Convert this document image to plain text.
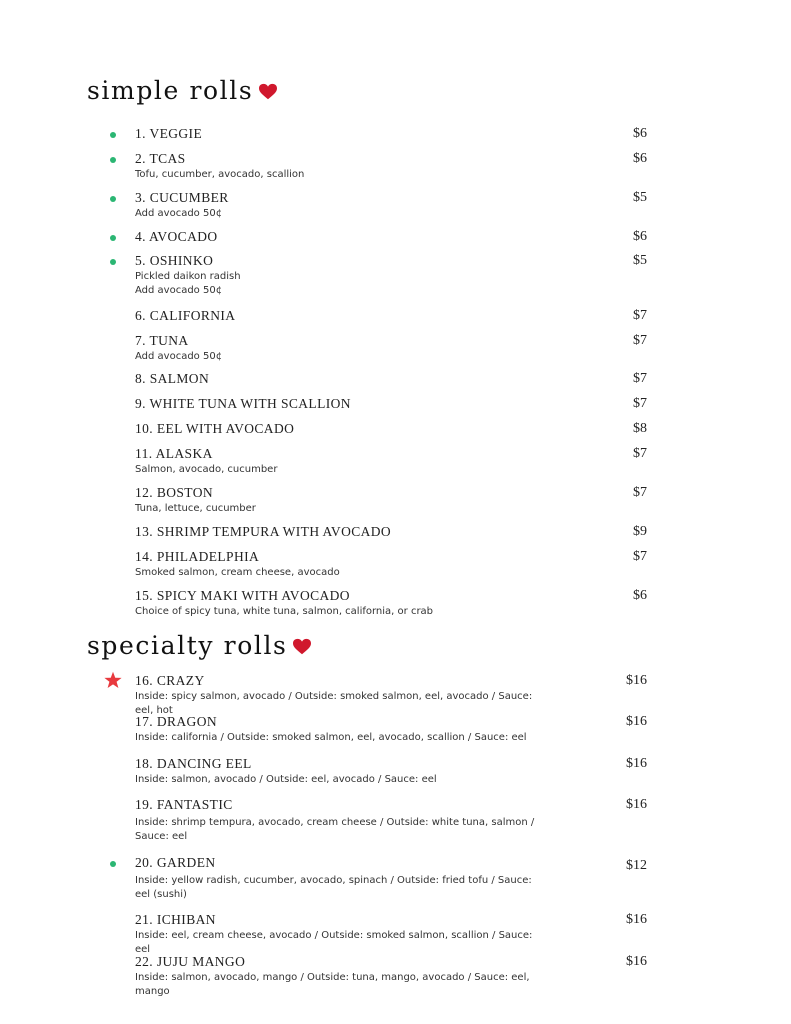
simple rolls
1. VEGGIE	$6
2. TCAS	$6
Tofu, cucumber, avocado, scallion
3. CUCUMBER	$5
Add avocado 50¢
4. AVOCADO	$6
5. OSHINKO	$5
Pickled daikon radish
Add avocado 50¢
6. CALIFORNIA	$7
7. TUNA	$7
Add avocado 50¢
8. SALMON	$7
9. WHITE TUNA WITH SCALLION	$7
10. EEL WITH AVOCADO	$8
11. ALASKA	$7
Salmon, avocado, cucumber
12. BOSTON	$7
Tuna, lettuce, cucumber
13. SHRIMP TEMPURA WITH AVOCADO	$9
14. PHILADELPHIA	$7
Smoked salmon, cream cheese, avocado
15. SPICY MAKI WITH AVOCADO	$6
Choice of spicy tuna, white tuna, salmon, california, or crab
specialty rolls
16. CRAZY	$16
Inside: spicy salmon, avocado / Outside: smoked salmon, eel, avocado / Sauce: eel, hot
17. DRAGON	$16
Inside: california / Outside: smoked salmon, eel, avocado, scallion / Sauce: eel
18. DANCING EEL	$16
Inside: salmon, avocado / Outside: eel, avocado / Sauce: eel
19. FANTASTIC	$16
Inside: shrimp tempura, avocado, cream cheese / Outside: white tuna, salmon / Sauce: eel
20. GARDEN	$12
Inside: yellow radish, cucumber, avocado, spinach / Outside: fried tofu / Sauce: eel (sushi)
21. ICHIBAN	$16
Inside: eel, cream cheese, avocado / Outside: smoked salmon, scallion / Sauce: eel
22. JUJU MANGO	$16
Inside: salmon, avocado, mango / Outside: tuna, mango, avocado / Sauce: eel, mango
